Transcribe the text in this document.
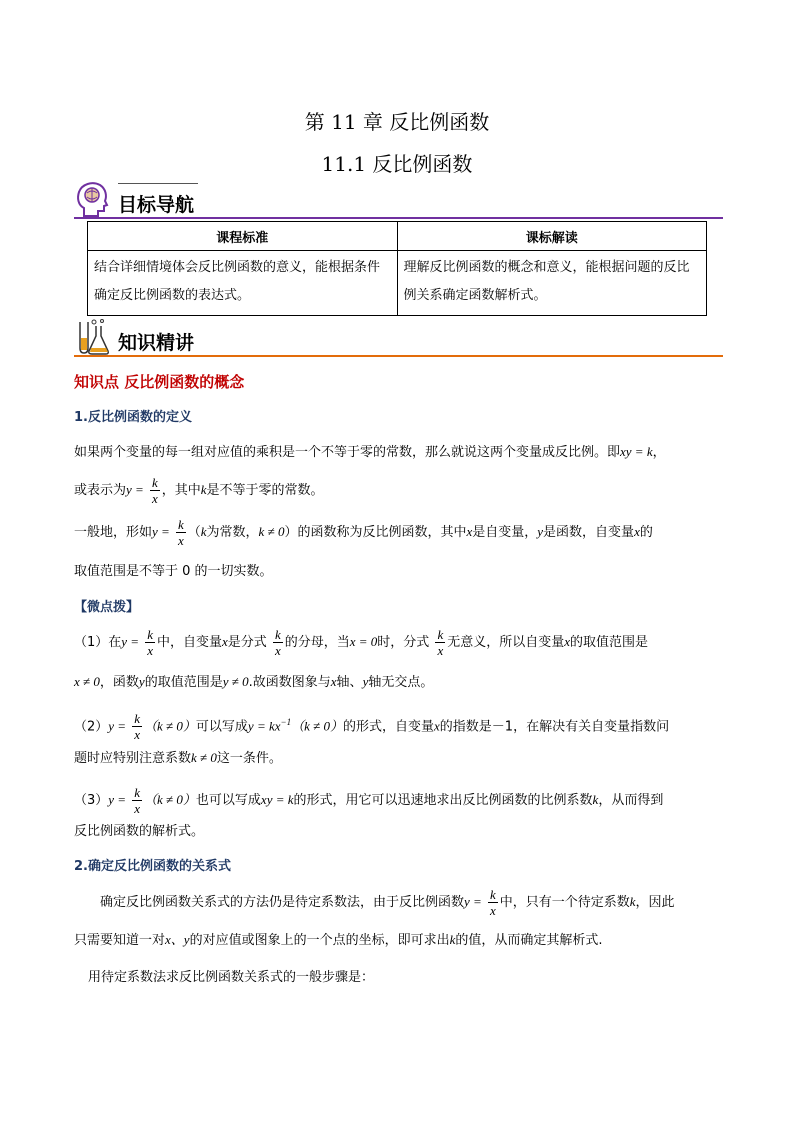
第 11 章 反比例函数
11.1 反比例函数
目标导航
课程标准	课标解读
结合详细情境体会反比例函数的意义，能根据条件确定反比例函数的表达式。	理解反比例函数的概念和意义，能根据问题的反比例关系确定函数解析式。
知识精讲
知识点 反比例函数的概念
1.反比例函数的定义
如果两个变量的每一组对应值的乘积是一个不等于零的常数，那么就说这两个变量成反比例。即xy = k，
或表示为$y = \frac{k}{x}$ ，其中k是不等于零的常数。
一般地，形如$y = \frac{k}{x} (k$为常数，k ≠ 0）的函数称为反比例函数，其中x是自变量，y是函数，自变量x的
取值范围是不等于 0 的一切实数。
【微点拨】
（1）在$y = \frac{k}{x}$ 中，自变量x是分式 $\frac{k}{x}$ 的分母，当x = 0时，分式 $\frac{k}{x}$ 无意义，所以自变量x的取值范围是
x ≠ 0，函数y的取值范围是y ≠ 0.故函数图象与x轴、y轴无交点。
$(2)y = \frac{k}{x} (k \ne 0)$可以写成$y = kx^{-1}(k \ne 0)$的形式，自变量x的指数是－1，在解决有关自变量指数问
题时应特别注意系数k ≠ 0这一条件。
$(3)y = \frac{k}{x} (k \ne 0)$也可以写成xy = k的形式，用它可以迅速地求出反比例函数的比例系数k，从而得到
反比例函数的解析式。
2.确定反比例函数的关系式
确定反比例函数关系式的方法仍是待定系数法，由于反比例函数$y = \frac{k}{x}$ 中，只有一个待定系数k，因此
只需要知道一对x、y的对应值或图象上的一个点的坐标，即可求出k的值，从而确定其解析式.
用待定系数法求反比例函数关系式的一般步骤是：
